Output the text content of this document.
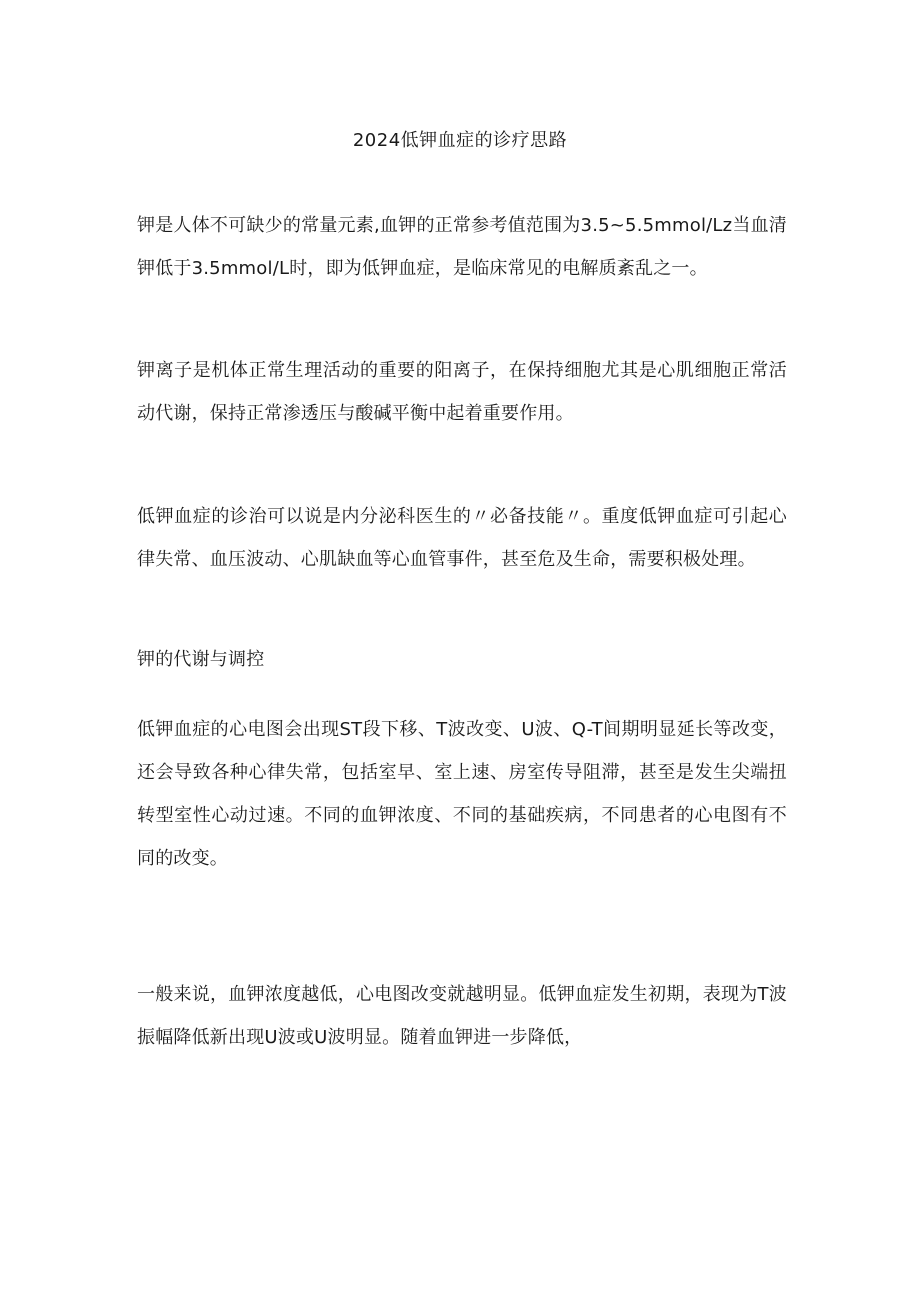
2024低钾血症的诊疗思路
钾是人体不可缺少的常量元素,血钾的正常参考值范围为3.5~5.5mmol/Lz当血清钾低于3.5mmol/L时，即为低钾血症，是临床常见的电解质紊乱之一。
钾离子是机体正常生理活动的重要的阳离子，在保持细胞尤其是心肌细胞正常活动代谢，保持正常渗透压与酸碱平衡中起着重要作用。
低钾血症的诊治可以说是内分泌科医生的〃必备技能〃。重度低钾血症可引起心律失常、血压波动、心肌缺血等心血管事件，甚至危及生命，需要积极处理。
钾的代谢与调控
低钾血症的心电图会出现ST段下移、T波改变、U波、Q-T间期明显延长等改变，还会导致各种心律失常，包括室早、室上速、房室传导阻滞，甚至是发生尖端扭转型室性心动过速。不同的血钾浓度、不同的基础疾病，不同患者的心电图有不同的改变。
一般来说，血钾浓度越低，心电图改变就越明显。低钾血症发生初期，表现为T波振幅降低新出现U波或U波明显。随着血钾进一步降低，
